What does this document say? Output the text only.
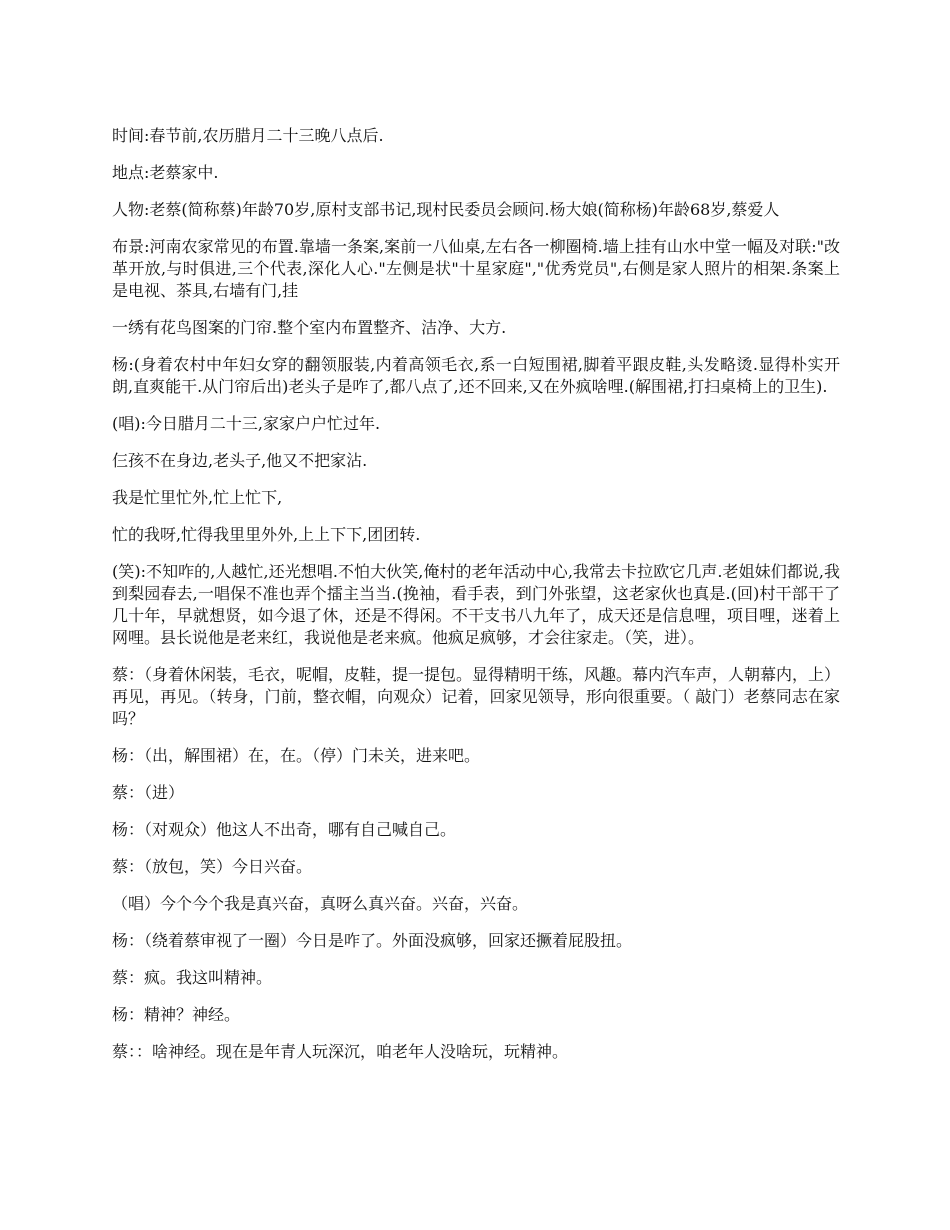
时间:春节前,农历腊月二十三晚八点后.

地点:老蔡家中.

人物:老蔡(简称蔡)年龄70岁,原村支部书记,现村民委员会顾问.杨大娘(简称杨)年龄68岁,蔡爱人

布景:河南农家常见的布置.靠墙一条案,案前一八仙桌,左右各一柳圈椅.墙上挂有山水中堂一幅及对联:"改革开放,与时俱进,三个代表,深化人心."左侧是状"十星家庭","优秀党员",右侧是家人照片的相架.条案上是电视、茶具,右墙有门,挂

一绣有花鸟图案的门帘.整个室内布置整齐、洁净、大方.

杨:(身着农村中年妇女穿的翻领服装,内着高领毛衣,系一白短围裙,脚着平跟皮鞋,头发略烫.显得朴实开朗,直爽能干.从门帘后出)老头子是咋了,都八点了,还不回来,又在外疯啥哩.(解围裙,打扫桌椅上的卫生).

(唱):今日腊月二十三,家家户户忙过年.

仨孩不在身边,老头子,他又不把家沾.

我是忙里忙外,忙上忙下,

忙的我呀,忙得我里里外外,上上下下,团团转.

(笑):不知咋的,人越忙,还光想唱.不怕大伙笑,俺村的老年活动中心,我常去卡拉欧它几声.老姐妹们都说,我到梨园春去,一唱保不准也弄个擂主当当.(挽袖，看手表，到门外张望，这老家伙也真是.(回)村干部干了几十年，早就想贤，如今退了休，还是不得闲。不干支书八九年了，成天还是信息哩，项目哩，迷着上网哩。县长说他是老来红，我说他是老来疯。他疯足疯够，才会往家走。（笑，进）。

蔡：（身着休闲装，毛衣，呢帽，皮鞋，提一提包。显得精明干练，风趣。幕内汽车声，人朝幕内，上）再见，再见。（转身，门前，整衣帽，向观众）记着，回家见领导，形向很重要。（ 敲门）老蔡同志在家吗？

杨：（出，解围裙）在，在。（停）门未关，进来吧。

蔡：（进）

杨：（对观众）他这人不出奇，哪有自己喊自己。

蔡：（放包，笑）今日兴奋。

（唱）今个今个我是真兴奋，真呀么真兴奋。兴奋，兴奋。

杨：（绕着蔡审视了一圈）今日是咋了。外面没疯够，回家还撅着屁股扭。

蔡：疯。我这叫精神。

杨：精神？神经。

蔡：：啥神经。现在是年青人玩深沉，咱老年人没啥玩，玩精神。
